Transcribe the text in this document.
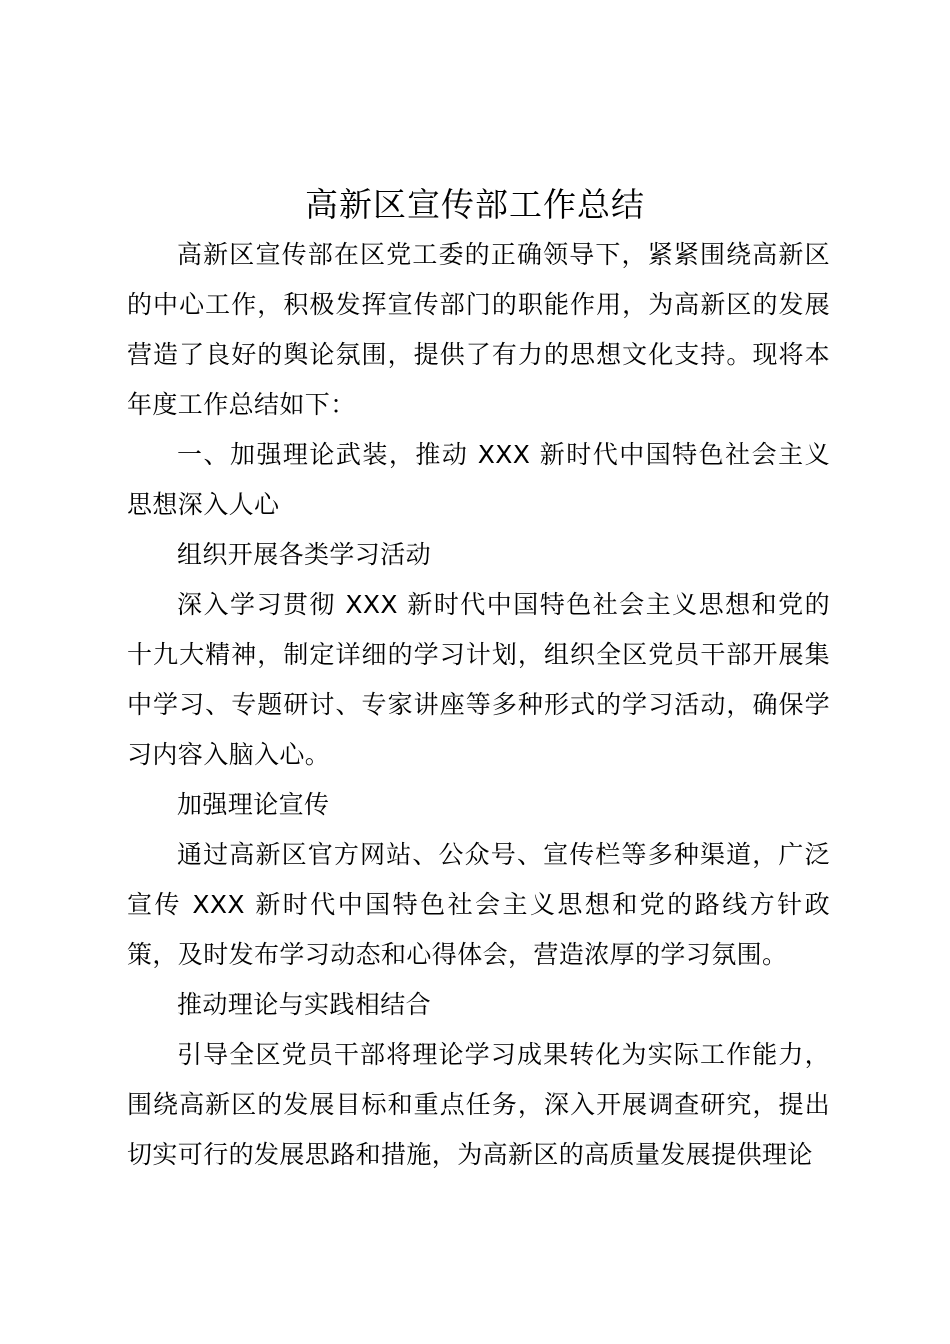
高新区宣传部工作总结

高新区宣传部在区党工委的正确领导下，紧紧围绕高新区的中心工作，积极发挥宣传部门的职能作用，为高新区的发展营造了良好的舆论氛围，提供了有力的思想文化支持。现将本年度工作总结如下：

一、加强理论武装，推动 XXX 新时代中国特色社会主义思想深入人心

组织开展各类学习活动

深入学习贯彻 XXX 新时代中国特色社会主义思想和党的十九大精神，制定详细的学习计划，组织全区党员干部开展集中学习、专题研讨、专家讲座等多种形式的学习活动，确保学习内容入脑入心。

加强理论宣传

通过高新区官方网站、公众号、宣传栏等多种渠道，广泛宣传 XXX 新时代中国特色社会主义思想和党的路线方针政策，及时发布学习动态和心得体会，营造浓厚的学习氛围。

推动理论与实践相结合

引导全区党员干部将理论学习成果转化为实际工作能力，围绕高新区的发展目标和重点任务，深入开展调查研究，提出切实可行的发展思路和措施，为高新区的高质量发展提供理论
